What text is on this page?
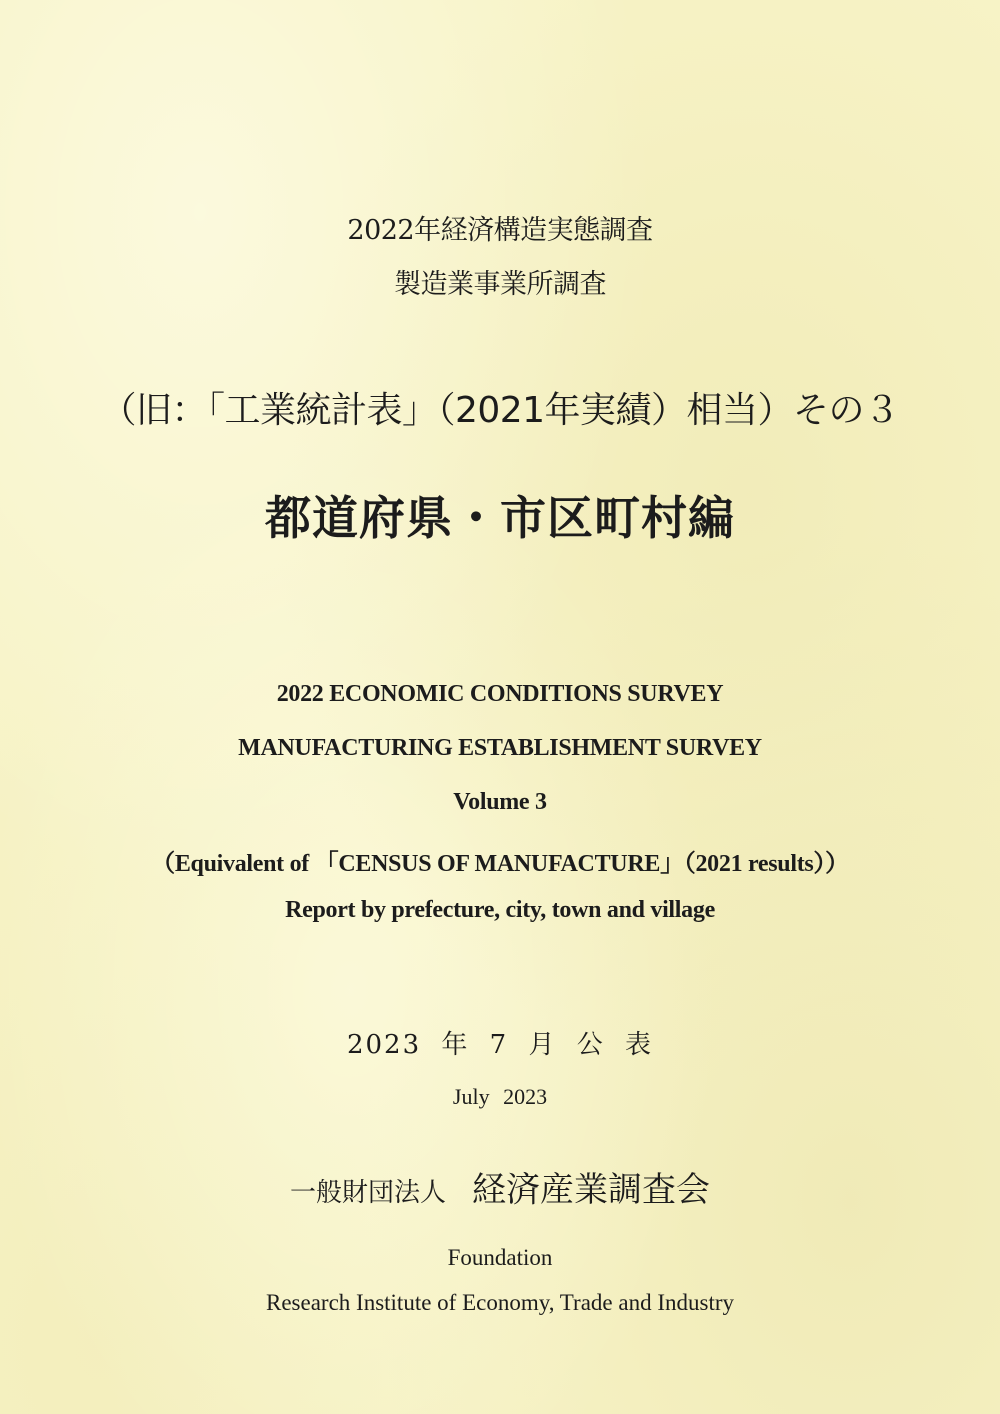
2022年経済構造実態調査
製造業事業所調査
（旧：「工業統計表」（2021年実績）相当）その３
都道府県・市区町村編
2022 ECONOMIC CONDITIONS SURVEY
MANUFACTURING ESTABLISHMENT SURVEY
Volume 3
（Equivalent of 「CENSUS OF MANUFACTURE」（2021 results））
Report by prefecture, city, town and village
2023 年 7 月 公 表
July 2023
一般財団法人 経済産業調査会
Foundation
Research Institute of Economy, Trade and Industry
